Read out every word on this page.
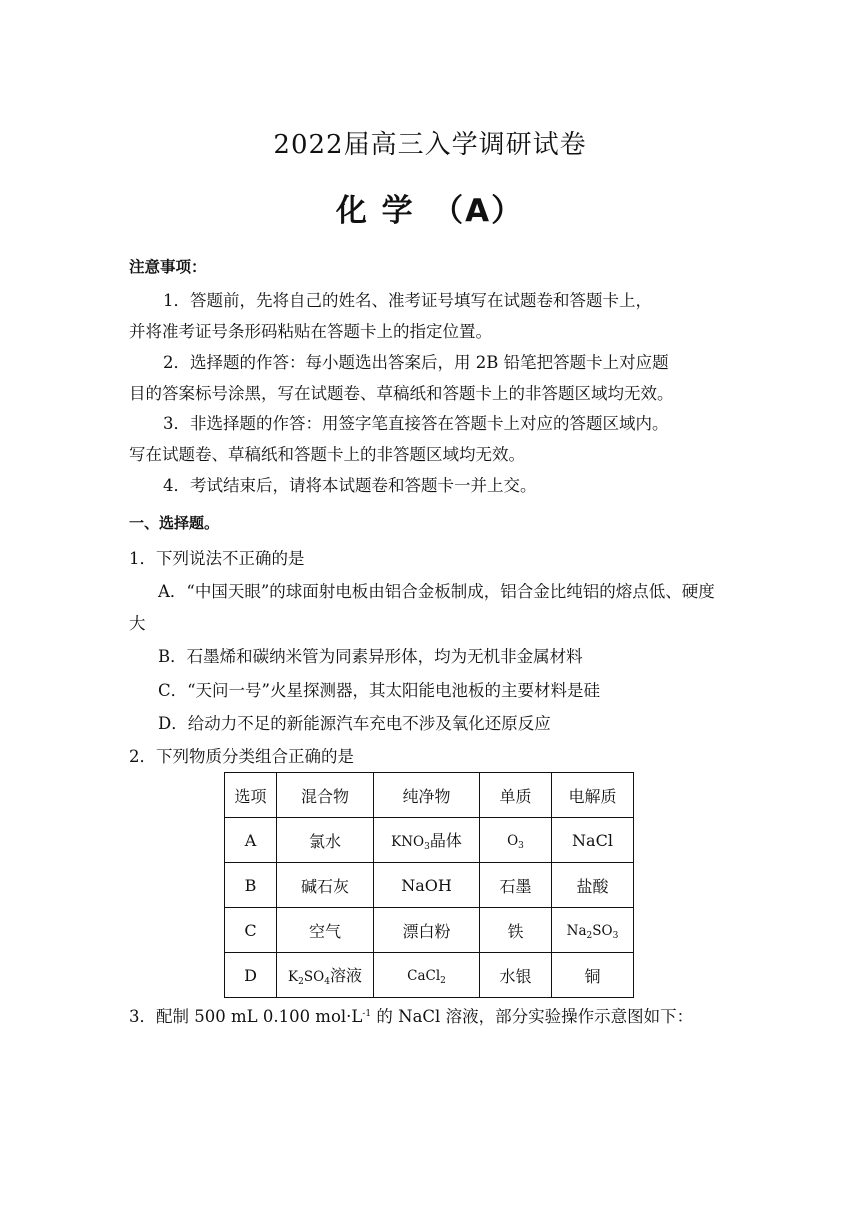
2022届高三入学调研试卷
化 学　（A）
注意事项：
1．答题前，先将自己的姓名、准考证号填写在试题卷和答题卡上，
并将准考证号条形码粘贴在答题卡上的指定位置。
2．选择题的作答：每小题选出答案后，用 2B 铅笔把答题卡上对应题
目的答案标号涂黑，写在试题卷、草稿纸和答题卡上的非答题区域均无效。
3．非选择题的作答：用签字笔直接答在答题卡上对应的答题区域内。
写在试题卷、草稿纸和答题卡上的非答题区域均无效。
4．考试结束后，请将本试题卷和答题卡一并上交。
一、选择题。
1．下列说法不正确的是
A．“中国天眼”的球面射电板由铝合金板制成，铝合金比纯铝的熔点低、硬度
大
B．石墨烯和碳纳米管为同素异形体，均为无机非金属材料
C．“天问一号”火星探测器，其太阳能电池板的主要材料是硅
D．给动力不足的新能源汽车充电不涉及氧化还原反应
2．下列物质分类组合正确的是
选项	混合物	纯净物	单质	电解质
A	氯水	$KNO_3$晶体	$O_3$	NaCl
B	碱石灰	NaOH	石墨	盐酸
C	空气	漂白粉	铁	$Na_2SO_3$
D	$K_2SO_4$溶液	CaCl$_2$	水银	铜
3．配制 500 mL 0.100 $mol\cdot L^{-1}$ 的 NaCl 溶液，部分实验操作示意图如下：
